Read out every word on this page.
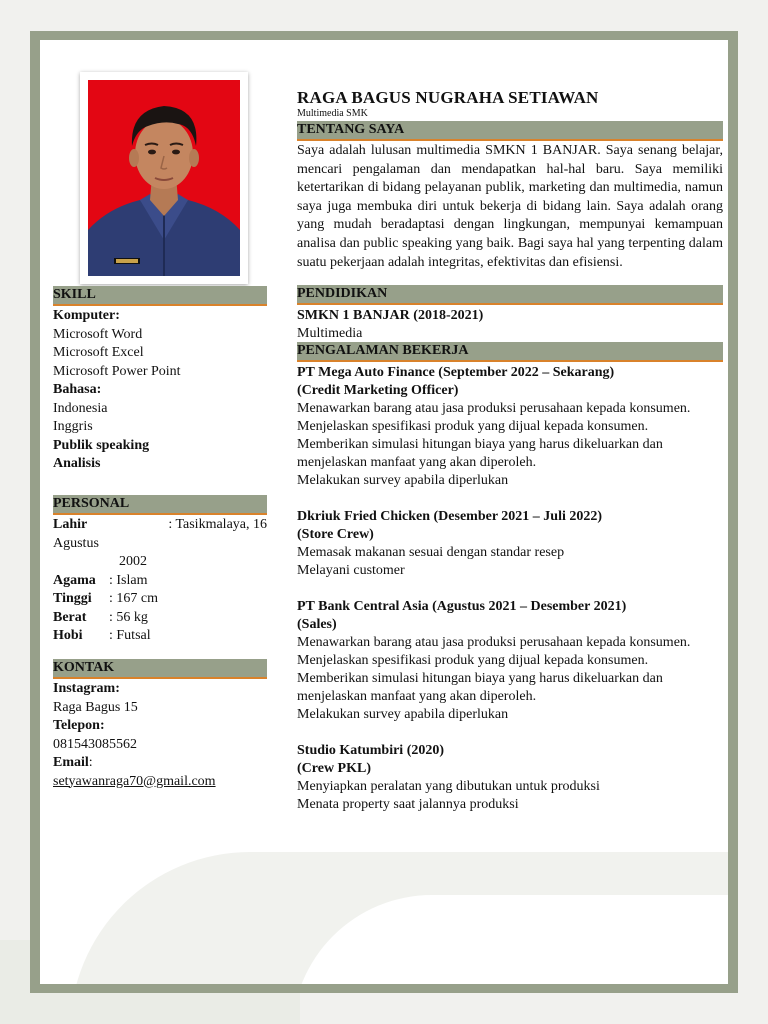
SKILL
Komputer:
Microsoft Word
Microsoft Excel
Microsoft Power Point
Bahasa:
Indonesia
Inggris
Publik speaking
Analisis
PERSONAL
Lahir	: Tasikmalaya, 16
Agustus
2002
Agama : Islam
Tinggi	: 167 cm
Berat	: 56 kg
Hobi	: Futsal
KONTAK
Instagram:
Raga Bagus 15
Telepon:
081543085562
Email:
setyawanraga70@gmail.com
RAGA BAGUS NUGRAHA SETIAWAN
Multimedia SMK
TENTANG SAYA
Saya adalah lulusan multimedia SMKN 1 BANJAR. Saya senang belajar, mencari pengalaman dan mendapatkan hal-hal baru. Saya memiliki ketertarikan di bidang pelayanan publik, marketing dan multimedia, namun saya juga membuka diri untuk bekerja di bidang lain. Saya adalah orang yang mudah beradaptasi dengan lingkungan, mempunyai kemampuan analisa dan public speaking yang baik. Bagi saya hal yang terpenting dalam suatu pekerjaan adalah integritas, efektivitas dan efisiensi.
PENDIDIKAN
SMKN 1 BANJAR (2018-2021)
Multimedia
PENGALAMAN BEKERJA
PT Mega Auto Finance (September 2022 – Sekarang)
(Credit Marketing Officer)
Menawarkan barang atau jasa produksi perusahaan kepada konsumen.
Menjelaskan spesifikasi produk yang dijual kepada konsumen.
Memberikan simulasi hitungan biaya yang harus dikeluarkan dan
menjelaskan manfaat yang akan diperoleh.
Melakukan survey apabila diperlukan
Dkriuk Fried Chicken (Desember 2021 – Juli 2022)
(Store Crew)
Memasak makanan sesuai dengan standar resep
Melayani customer
PT Bank Central Asia (Agustus 2021 – Desember 2021)
(Sales)
Menawarkan barang atau jasa produksi perusahaan kepada konsumen.
Menjelaskan spesifikasi produk yang dijual kepada konsumen.
Memberikan simulasi hitungan biaya yang harus dikeluarkan dan
menjelaskan manfaat yang akan diperoleh.
Melakukan survey apabila diperlukan
Studio Katumbiri (2020)
(Crew PKL)
Menyiapkan peralatan yang dibutukan untuk produksi
Menata property saat jalannya produksi
